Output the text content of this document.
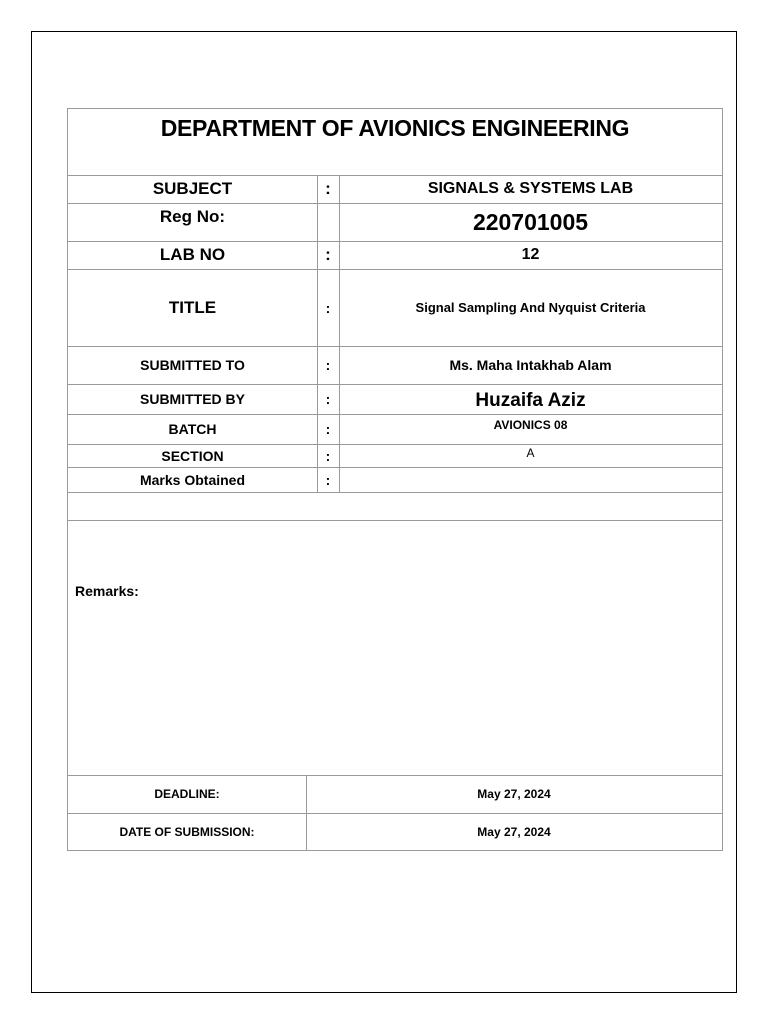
DEPARTMENT OF AVIONICS ENGINEERING
SUBJECT	:	SIGNALS & SYSTEMS LAB
Reg No:	220701005
LAB NO	:	12
TITLE	:	Signal Sampling And Nyquist Criteria
SUBMITTED TO	:	Ms. Maha Intakhab Alam
SUBMITTED BY	:	Huzaifa Aziz
BATCH	:	AVIONICS 08
SECTION	:	A
Marks Obtained	:
Remarks:
DEADLINE:	May 27, 2024
DATE OF SUBMISSION:	May 27, 2024
